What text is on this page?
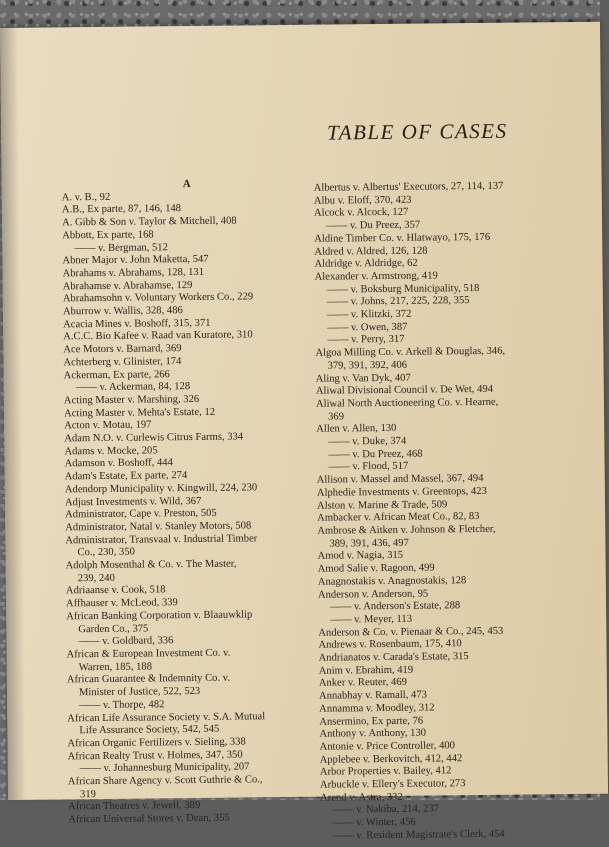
TABLE OF CASES
A
A. v. B., 92
A.B., Ex parte, 87, 146, 148
A. Gibb & Son v. Taylor & Mitchell, 408
Abbott, Ex parte, 168
—— v. Bergman, 512
Abner Major v. John Maketta, 547
Abrahams v. Abrahams, 128, 131
Abrahamse v. Abrahamse, 129
Abrahamsohn v. Voluntary Workers Co., 229
Aburrow v. Wallis, 328, 486
Acacia Mines v. Boshoff, 315, 371
A.C.C. Bio Kafee v. Raad van Kuratore, 310
Ace Motors v. Barnard, 369
Achterberg v. Glinister, 174
Ackerman, Ex parte, 266
—— v. Ackerman, 84, 128
Acting Master v. Marshing, 326
Acting Master v. Mehta's Estate, 12
Acton v. Motau, 197
Adam N.O. v. Curlewis Citrus Farms, 334
Adams v. Mocke, 205
Adamson v. Boshoff, 444
Adam's Estate, Ex parte, 274
Adendorp Municipality v. Kingwill, 224, 230
Adjust Investments v. Wild, 367
Administrator, Cape v. Preston, 505
Administrator, Natal v. Stanley Motors, 508
Administrator, Transvaal v. Industrial Timber
Co., 230, 350
Adolph Mosenthal & Co. v. The Master,
239, 240
Adriaanse v. Cook, 518
Affhauser v. McLeod, 339
African Banking Corporation v. Blaauwklip
Garden Co., 375
—— v. Goldbard, 336
African & European Investment Co. v.
Warren, 185, 188
African Guarantee & Indemnity Co. v.
Minister of Justice, 522, 523
—— v. Thorpe, 482
African Life Assurance Society v. S.A. Mutual
Life Assurance Society, 542, 545
African Organic Fertilizers v. Sieling, 338
African Realty Trust v. Holmes, 347, 350
—— v. Johannesburg Municipality, 207
African Share Agency v. Scott Guthrie & Co.,
319
African Theatres v. Jewell, 389
African Universal Stores v. Dean, 355
Albertus v. Albertus' Executors, 27, 114, 137
Albu v. Eloff, 370, 423
Alcock v. Alcock, 127
—— v. Du Preez, 357
Aldine Timber Co. v. Hlatwayo, 175, 176
Aldred v. Aldred, 126, 128
Aldridge v. Aldridge, 62
Alexander v. Armstrong, 419
—— v. Boksburg Municipality, 518
—— v. Johns, 217, 225, 228, 355
—— v. Klitzki, 372
—— v. Owen, 387
—— v. Perry, 317
Algoa Milling Co. v. Arkell & Douglas, 346,
379, 391, 392, 406
Aling v. Van Dyk, 407
Aliwal Divisional Council v. De Wet, 494
Aliwal North Auctioneering Co. v. Hearne,
369
Allen v. Allen, 130
—— v. Duke, 374
—— v. Du Preez, 468
—— v. Flood, 517
Allison v. Massel and Massel, 367, 494
Alphedie Investments v. Greentops, 423
Alston v. Marine & Trade, 509
Ambacker v. African Meat Co., 82, 83
Ambrose & Aitken v. Johnson & Fletcher,
389, 391, 436, 497
Amod v. Nagia, 315
Amod Salie v. Ragoon, 499
Anagnostakis v. Anagnostakis, 128
Anderson v. Anderson, 95
—— v. Anderson's Estate, 288
—— v. Meyer, 113
Anderson & Co. v. Pienaar & Co., 245, 453
Andrews v. Rosenbaum, 175, 410
Andrianatos v. Carada's Estate, 315
Anim v. Ebrahim, 419
Anker v. Reuter, 469
Annabhay v. Ramall, 473
Annamma v. Moodley, 312
Ansermino, Ex parte, 76
Anthony v. Anthony, 130
Antonie v. Price Controller, 400
Applebee v. Berkovitch, 412, 442
Arbor Properties v. Bailey, 412
Arbuckle v. Ellery's Executor, 273
Arend v. Astra, 332
—— v. Nakiba, 214, 237
—— v. Winter, 456
—— v. Resident Magistrate's Clerk, 454
